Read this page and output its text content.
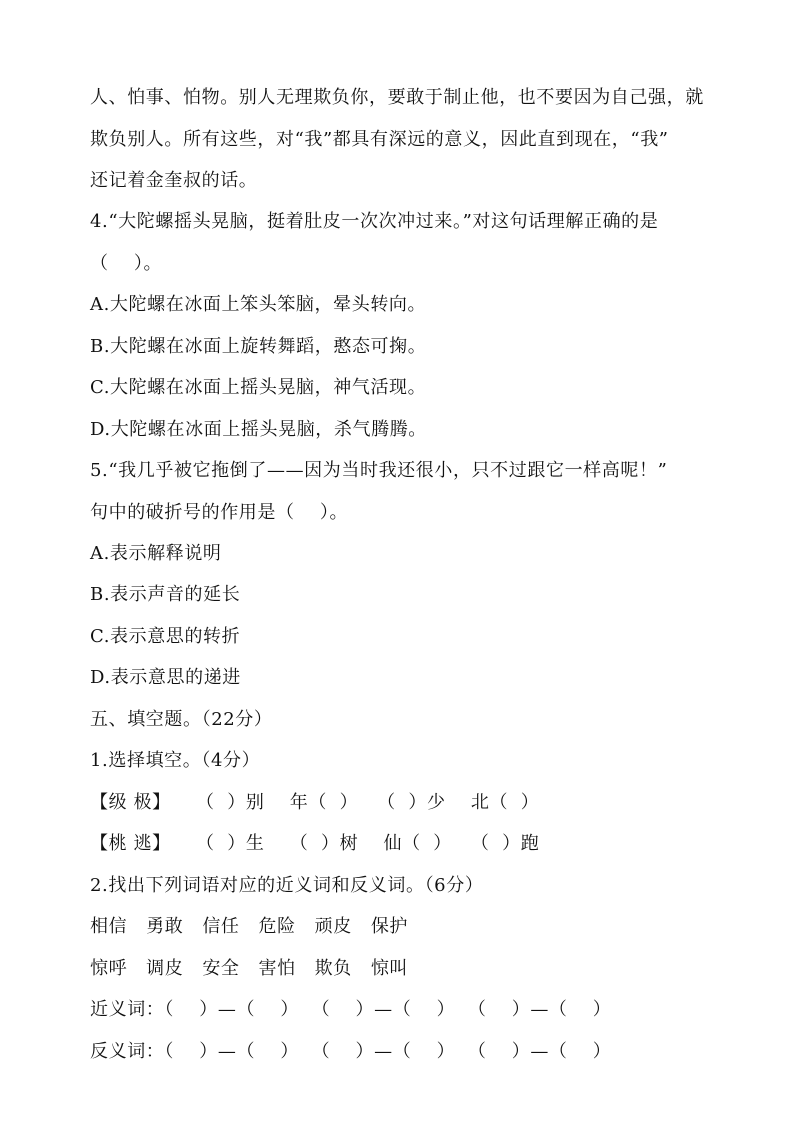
人、怕事、怕物。别人无理欺负你，要敢于制止他，也不要因为自己强，就
欺负别人。所有这些，对“我”都具有深远的意义，因此直到现在，“我”
还记着金奎叔的话。
4.“大陀螺摇头晃脑，挺着肚皮一次次冲过来。”对这句话理解正确的是
（    ）。
A.大陀螺在冰面上笨头笨脑，晕头转向。
B.大陀螺在冰面上旋转舞蹈，憨态可掬。
C.大陀螺在冰面上摇头晃脑，神气活现。
D.大陀螺在冰面上摇头晃脑，杀气腾腾。
5.“我几乎被它拖倒了——因为当时我还很小，只不过跟它一样高呢！”
句中的破折号的作用是（    ）。
A.表示解释说明
B.表示声音的延长
C.表示意思的转折
D.表示意思的递进
五、填空题。（22分）
1.选择填空。（4分）
【级 极】    （  ）别    年（  ）   （  ）少    北（  ）
【桃 逃】    （  ）生    （  ）树    仙（  ）   （  ）跑
2.找出下列词语对应的近义词和反义词。（6分）
相信   勇敢   信任   危险   顽皮   保护
惊呼   调皮   安全   害怕   欺负   惊叫
近义词：（    ）—（    ）  （    ）—（    ）  （    ）—（    ）
反义词：（    ）—（    ）  （    ）—（    ）  （    ）—（    ）
